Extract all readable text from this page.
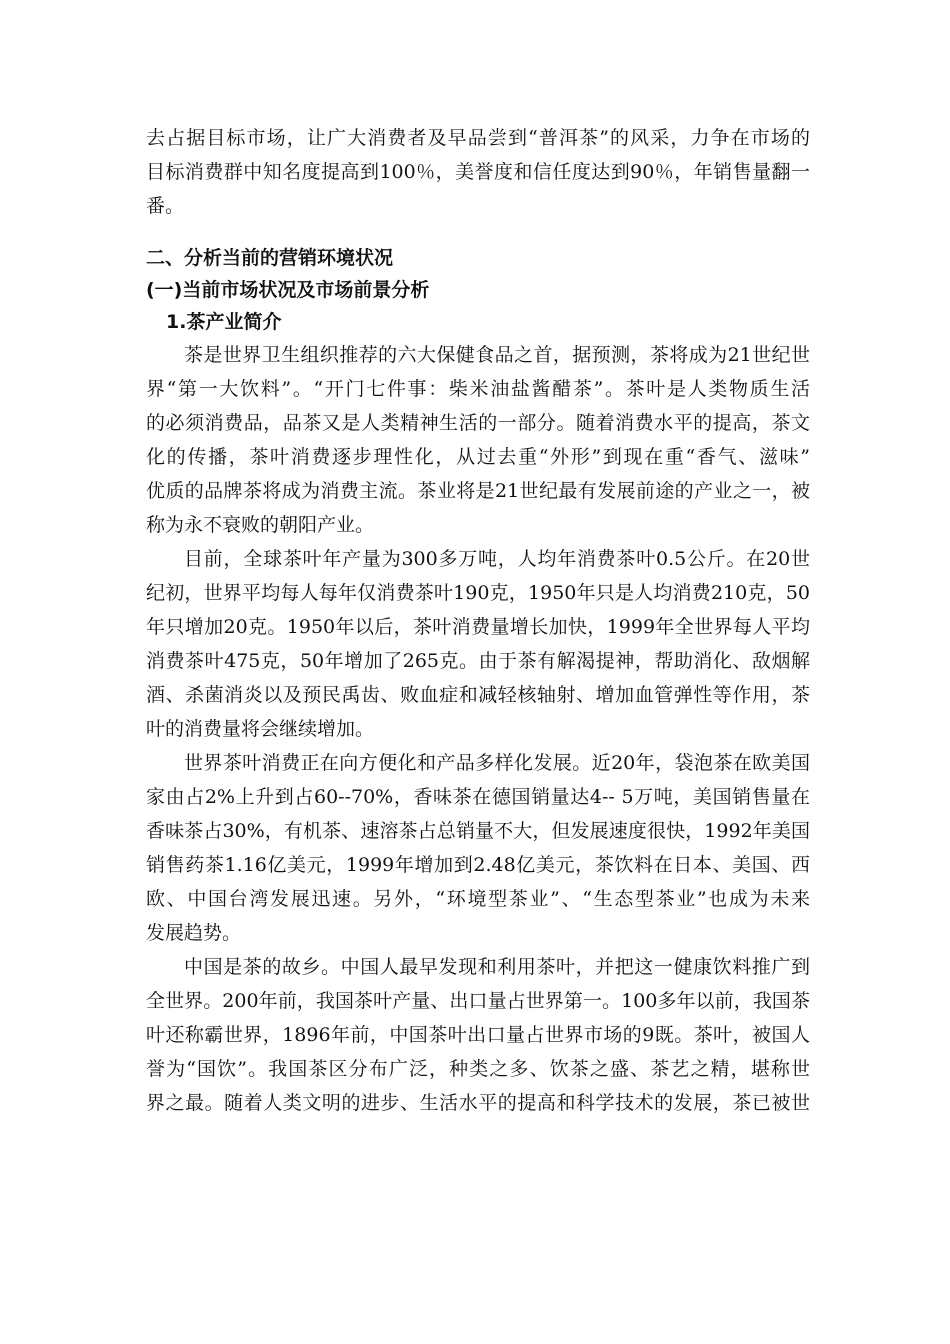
去占据目标市场，让广大消费者及早品尝到“普洱茶”的风采，力争在市场的
目标消费群中知名度提高到100％，美誉度和信任度达到90％，年销售量翻一
番。
二、分析当前的营销环境状况
(一)当前市场状况及市场前景分析
1.茶产业简介
茶是世界卫生组织推荐的六大保健食品之首，据预测，茶将成为21世纪世
界“第一大饮料”。“开门七件事：柴米油盐酱醋茶”。茶叶是人类物质生活
的必须消费品，品茶又是人类精神生活的一部分。随着消费水平的提高，茶文
化的传播，茶叶消费逐步理性化，从过去重“外形”到现在重“香气、滋味”
优质的品牌茶将成为消费主流。茶业将是21世纪最有发展前途的产业之一，被
称为永不衰败的朝阳产业。
目前，全球茶叶年产量为300多万吨，人均年消费茶叶0.5公斤。在20世
纪初，世界平均每人每年仅消费茶叶190克，1950年只是人均消费210克，50
年只增加20克。1950年以后，茶叶消费量增长加快，1999年全世界每人平均
消费茶叶475克，50年增加了265克。由于茶有解渴提神，帮助消化、敌烟解
酒、杀菌消炎以及预民禹齿、败血症和减轻核轴射、增加血管弹性等作用，茶
叶的消费量将会继续增加。
世界茶叶消费正在向方便化和产品多样化发展。近20年，袋泡茶在欧美国
家由占2%上升到占60--70%，香味茶在德国销量达4-- 5万吨，美国销售量在
香味茶占30%，有机茶、速溶茶占总销量不大，但发展速度很快，1992年美国
销售药茶1.16亿美元，1999年增加到2.48亿美元，茶饮料在日本、美国、西
欧、中国台湾发展迅速。另外，“环境型茶业”、“生态型茶业”也成为未来
发展趋势。
中国是茶的故乡。中国人最早发现和利用茶叶，并把这一健康饮料推广到
全世界。200年前，我国茶叶产量、出口量占世界第一。100多年以前，我国茶
叶还称霸世界，1896年前，中国茶叶出口量占世界市场的9既。茶叶，被国人
誉为“国饮”。我国茶区分布广泛，种类之多、饮茶之盛、茶艺之精，堪称世
界之最。随着人类文明的进步、生活水平的提高和科学技术的发展，茶已被世
